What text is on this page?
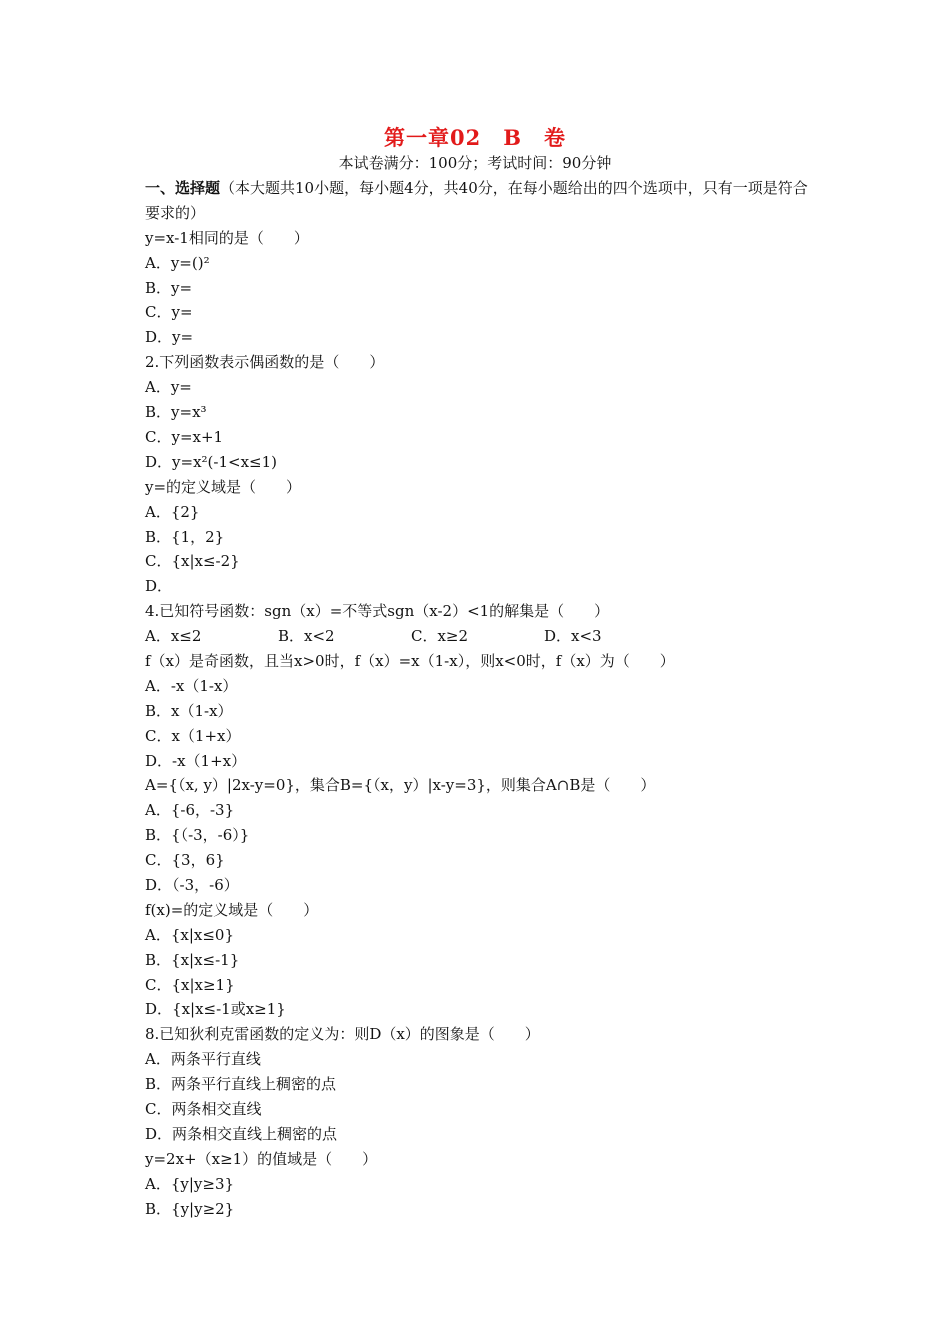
第一章02　B　卷
本试卷满分：100分；考试时间：90分钟
一、选择题（本大题共10小题，每小题4分，共40分，在每小题给出的四个选项中，只有一项是符合要求的）
y=x-1相同的是（　　）
A．y=()²
B．y=
C．y=
D．y=
2.下列函数表示偶函数的是（　　）
A．y=
B．y=x³
C．y=x+1
D．y=x²(-1<x≤1)
y=的定义域是（　　）
A．{2}
B．{1，2}
C．{x|x≤-2}
D．
4.已知符号函数：sgn（x）=不等式sgn（x-2）<1的解集是（　　）
A．x≤2	B．x<2	C．x≥2	D．x<3
f（x）是奇函数，且当x>0时，f（x）=x（1-x），则x<0时，f（x）为（　　）
A．-x（1-x）
B．x（1-x）
C．x（1+x）
D．-x（1+x）
A={（x, y）|2x-y=0}，集合B={（x，y）|x-y=3}，则集合A∩B是（　　）
A．{-6，-3}
B．{（-3，-6）}
C．{3，6}
D．（-3，-6）
f(x)=的定义域是（　　）
A．{x|x≤0}
B．{x|x≤-1}
C．{x|x≥1}
D．{x|x≤-1或x≥1}
8.已知狄利克雷函数的定义为：则D（x）的图象是（　　）
A．两条平行直线
B．两条平行直线上稠密的点
C．两条相交直线
D．两条相交直线上稠密的点
y=2x+（x≥1）的值域是（　　）
A．{y|y≥3}
B．{y|y≥2}
